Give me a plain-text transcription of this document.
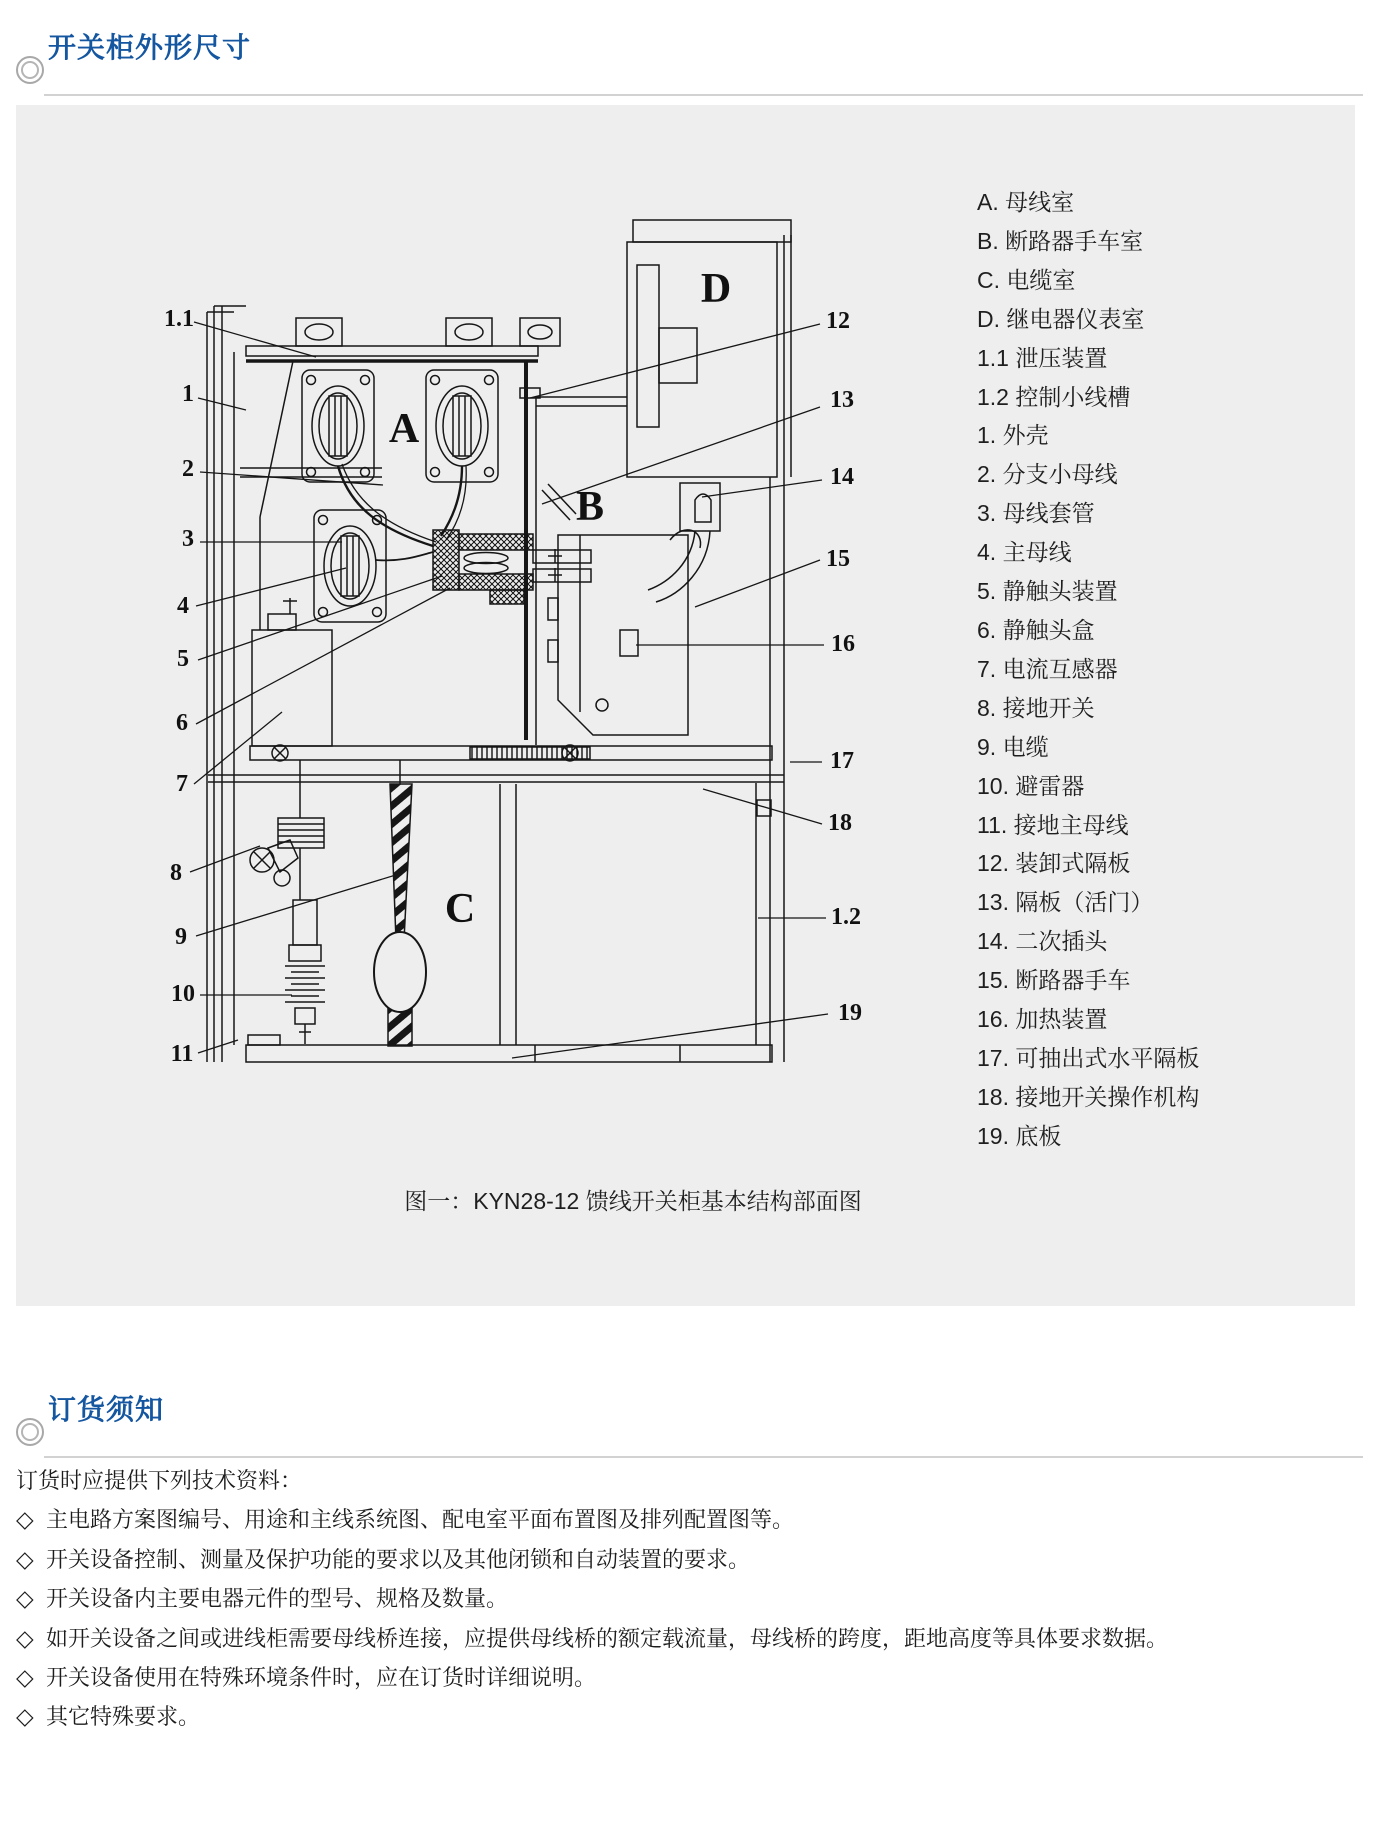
开关柜外形尺寸
A
B
C
D
1.1
1
2
3
4
5
6
7
8
9
10
11
12
13
14
15
16
17
18
1.2
19
A. 母线室
B. 断路器手车室
C. 电缆室
D. 继电器仪表室
1.1 泄压装置
1.2 控制小线槽
1. 外壳
2. 分支小母线
3. 母线套管
4. 主母线
5. 静触头装置
6. 静触头盒
7. 电流互感器
8. 接地开关
9. 电缆
10. 避雷器
11. 接地主母线
12. 装卸式隔板
13. 隔板（活门）
14. 二次插头
15. 断路器手车
16. 加热装置
17. 可抽出式水平隔板
18. 接地开关操作机构
19. 底板
图一：KYN28-12 馈线开关柜基本结构部面图
订货须知
订货时应提供下列技术资料：
◇ 主电路方案图编号、用途和主线系统图、配电室平面布置图及排列配置图等。
◇ 开关设备控制、测量及保护功能的要求以及其他闭锁和自动装置的要求。
◇ 开关设备内主要电器元件的型号、规格及数量。
◇ 如开关设备之间或进线柜需要母线桥连接，应提供母线桥的额定载流量，母线桥的跨度，距地高度等具体要求数据。
◇ 开关设备使用在特殊环境条件时，应在订货时详细说明。
◇ 其它特殊要求。
